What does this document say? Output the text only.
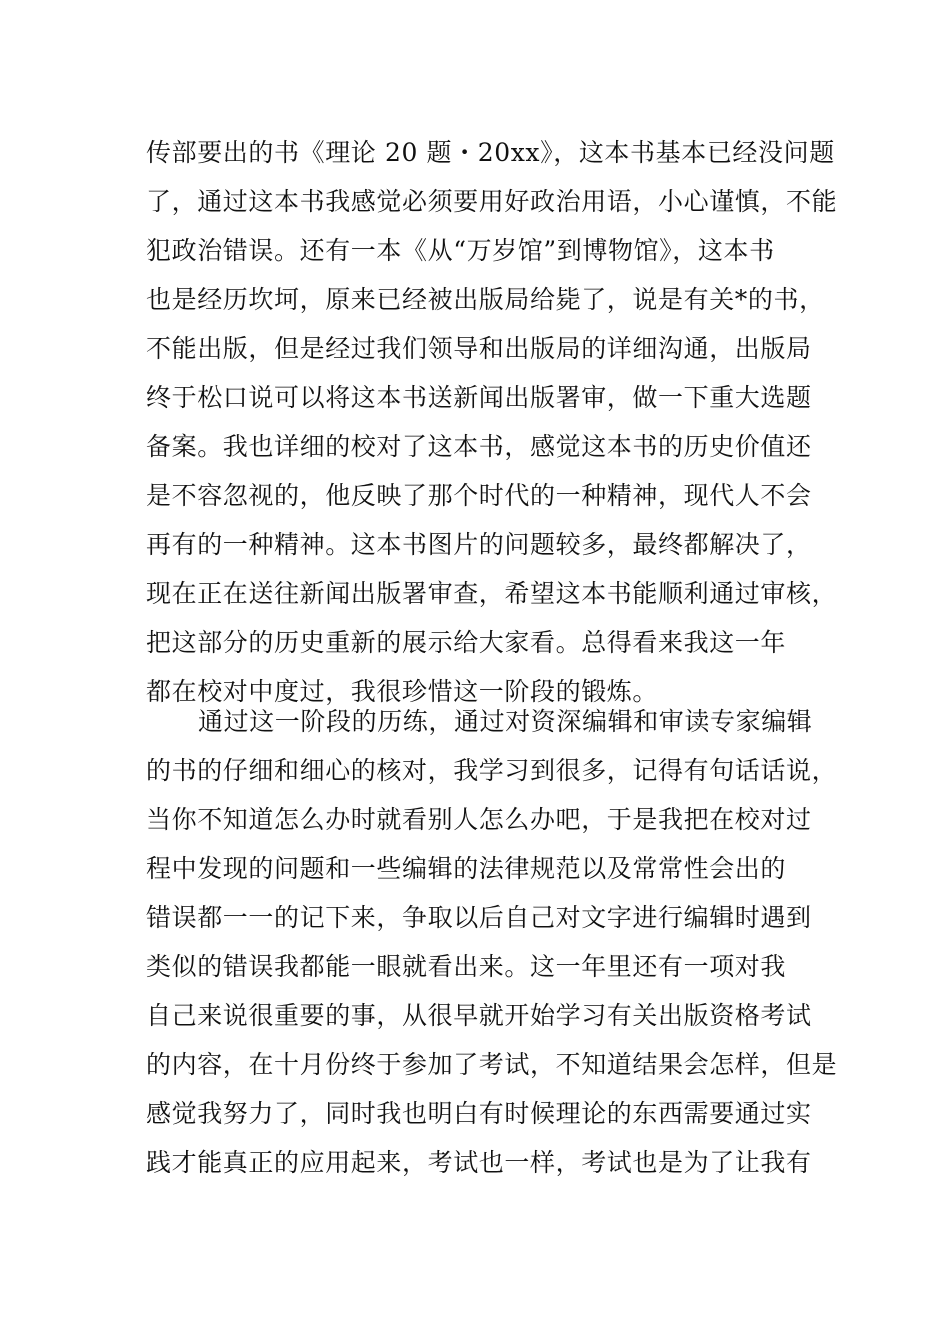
传部要出的书《理论 20 题・20xx》，这本书基本已经没问题
了，通过这本书我感觉必须要用好政治用语，小心谨慎，不能
犯政治错误。还有一本《从“万岁馆”到博物馆》，这本书
也是经历坎坷，原来已经被出版局给毙了，说是有关*的书，
不能出版，但是经过我们领导和出版局的详细沟通，出版局
终于松口说可以将这本书送新闻出版署审，做一下重大选题
备案。我也详细的校对了这本书，感觉这本书的历史价值还
是不容忽视的，他反映了那个时代的一种精神，现代人不会
再有的一种精神。这本书图片的问题较多，最终都解决了，
现在正在送往新闻出版署审查，希望这本书能顺利通过审核，
把这部分的历史重新的展示给大家看。总得看来我这一年
都在校对中度过，我很珍惜这一阶段的锻炼。
通过这一阶段的历练，通过对资深编辑和审读专家编辑
的书的仔细和细心的核对，我学习到很多，记得有句话话说，
当你不知道怎么办时就看别人怎么办吧，于是我把在校对过
程中发现的问题和一些编辑的法律规范以及常常性会出的
错误都一一的记下来，争取以后自己对文字进行编辑时遇到
类似的错误我都能一眼就看出来。这一年里还有一项对我
自己来说很重要的事，从很早就开始学习有关出版资格考试
的内容，在十月份终于参加了考试，不知道结果会怎样，但是
感觉我努力了，同时我也明白有时候理论的东西需要通过实
践才能真正的应用起来，考试也一样，考试也是为了让我有
